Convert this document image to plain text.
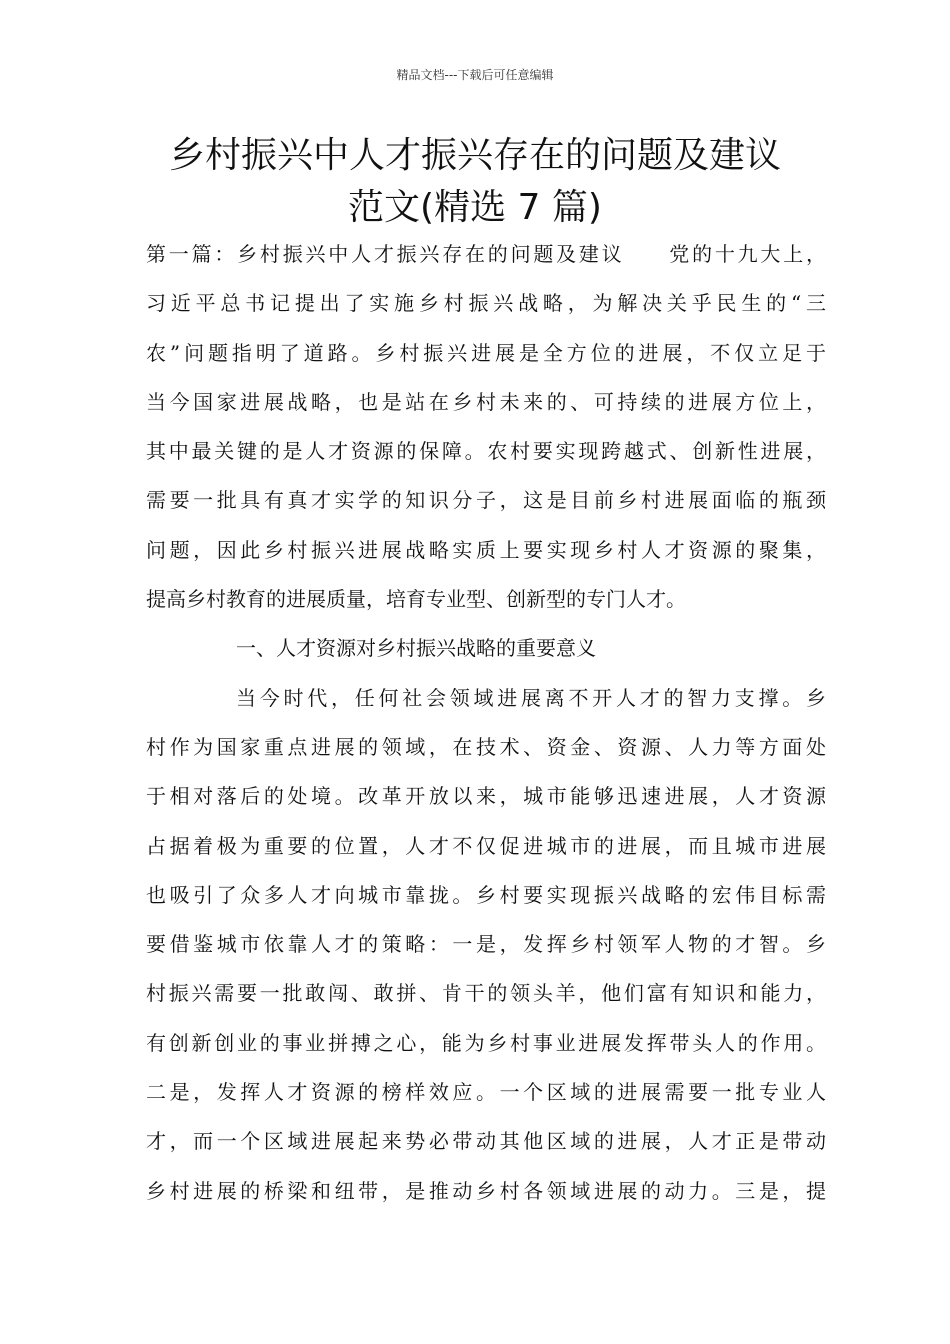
精品文档---下载后可任意编辑
乡村振兴中人才振兴存在的问题及建议
范文(精选 7 篇)
第一篇：乡村振兴中人才振兴存在的问题及建议 党的十九大上，
习近平总书记提出了实施乡村振兴战略，为解决关乎民生的“三
农”问题指明了道路。乡村振兴进展是全方位的进展，不仅立足于
当今国家进展战略，也是站在乡村未来的、可持续的进展方位上，
其中最关键的是人才资源的保障。农村要实现跨越式、创新性进展，
需要一批具有真才实学的知识分子，这是目前乡村进展面临的瓶颈
问题，因此乡村振兴进展战略实质上要实现乡村人才资源的聚集，
提高乡村教育的进展质量，培育专业型、创新型的专门人才。
一、人才资源对乡村振兴战略的重要意义
当今时代，任何社会领域进展离不开人才的智力支撑。乡
村作为国家重点进展的领域，在技术、资金、资源、人力等方面处
于相对落后的处境。改革开放以来，城市能够迅速进展，人才资源
占据着极为重要的位置，人才不仅促进城市的进展，而且城市进展
也吸引了众多人才向城市靠拢。乡村要实现振兴战略的宏伟目标需
要借鉴城市依靠人才的策略：一是，发挥乡村领军人物的才智。乡
村振兴需要一批敢闯、敢拼、肯干的领头羊，他们富有知识和能力，
有创新创业的事业拼搏之心，能为乡村事业进展发挥带头人的作用。
二是，发挥人才资源的榜样效应。一个区域的进展需要一批专业人
才，而一个区域进展起来势必带动其他区域的进展，人才正是带动
乡村进展的桥梁和纽带，是推动乡村各领域进展的动力。三是，提
